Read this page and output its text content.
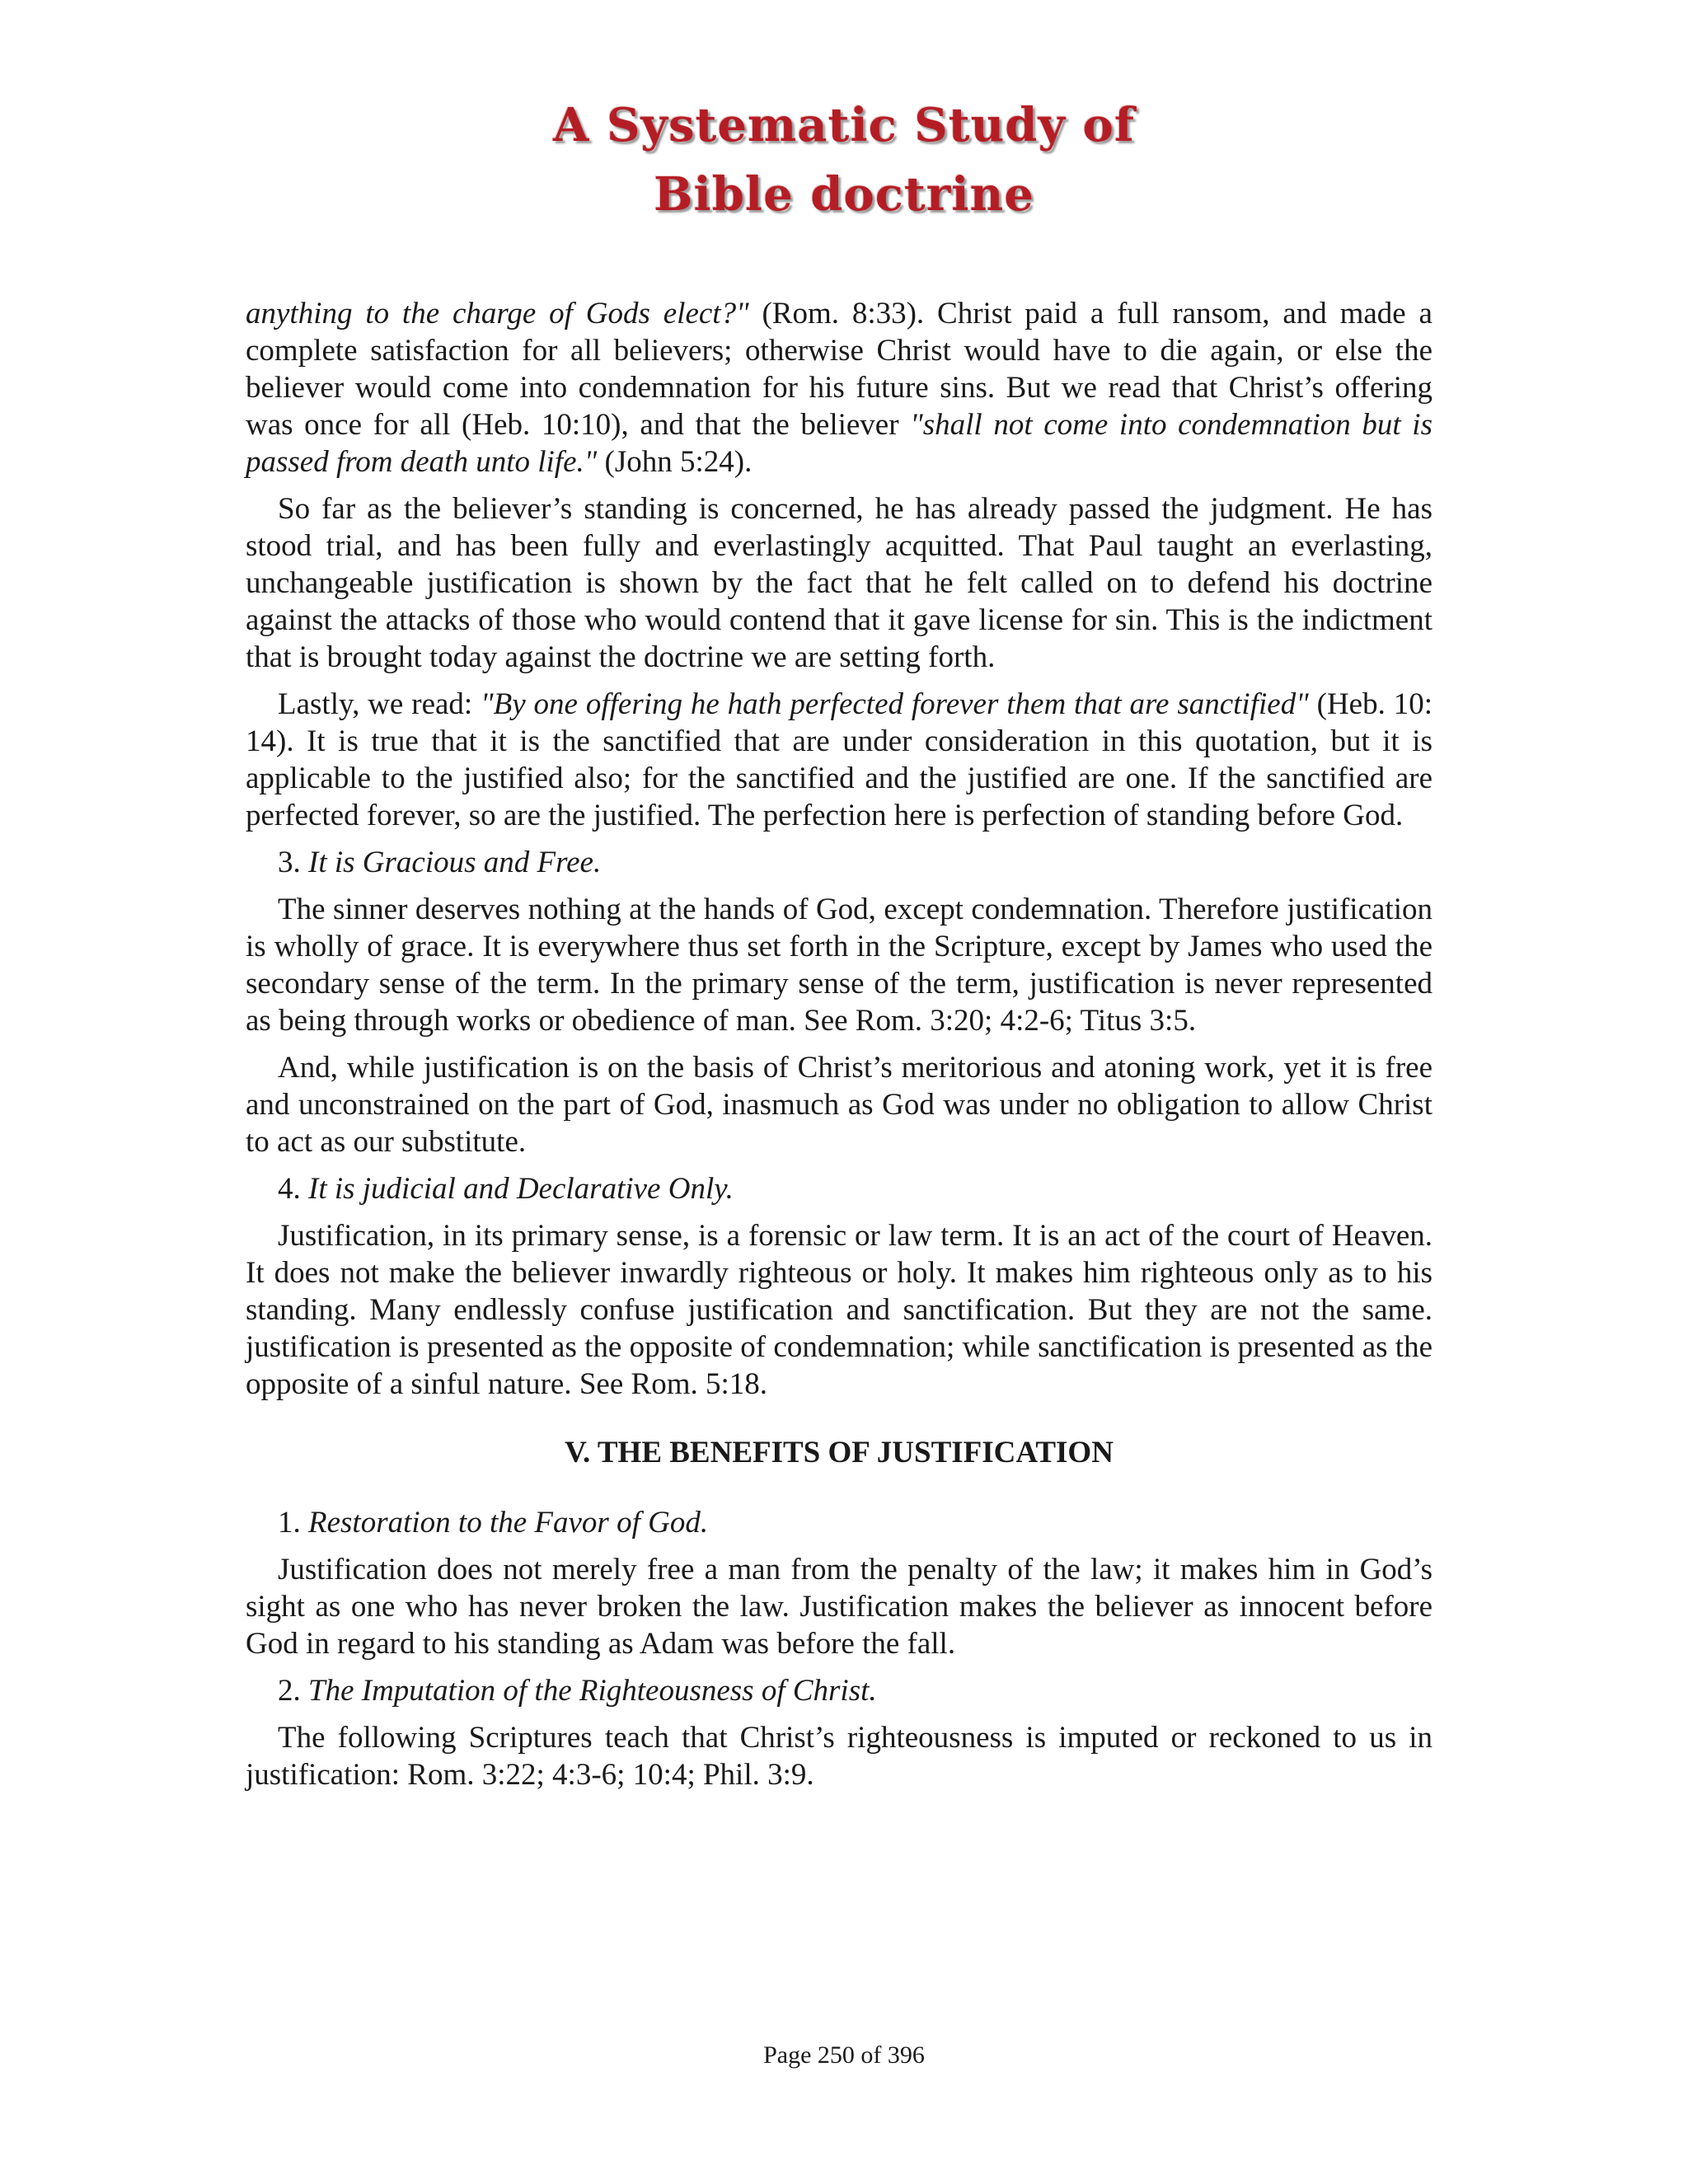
A Systematic Study of
Bible doctrine

anything to the charge of Gods elect?" (Rom. 8:33). Christ paid a full ransom, and made a complete satisfaction for all believers; otherwise Christ would have to die again, or else the believer would come into condemnation for his future sins. But we read that Christ’s offering was once for all (Heb. 10:10), and that the believer "shall not come into condemnation but is passed from death unto life." (John 5:24).

So far as the believer’s standing is concerned, he has already passed the judgment. He has stood trial, and has been fully and everlastingly acquitted. That Paul taught an everlasting, unchangeable justification is shown by the fact that he felt called on to defend his doctrine against the attacks of those who would contend that it gave license for sin. This is the indictment that is brought today against the doctrine we are setting forth.

Lastly, we read: "By one offering he hath perfected forever them that are sanctified" (Heb. 10: 14). It is true that it is the sanctified that are under consideration in this quotation, but it is applicable to the justified also; for the sanctified and the justified are one. If the sanctified are perfected forever, so are the justified. The perfection here is perfection of standing before God.

3. It is Gracious and Free.

The sinner deserves nothing at the hands of God, except condemnation. Therefore justification is wholly of grace. It is everywhere thus set forth in the Scripture, except by James who used the secondary sense of the term. In the primary sense of the term, justification is never represented as being through works or obedience of man. See Rom. 3:20; 4:2-6; Titus 3:5.

And, while justification is on the basis of Christ’s meritorious and atoning work, yet it is free and unconstrained on the part of God, inasmuch as God was under no obligation to allow Christ to act as our substitute.

4. It is judicial and Declarative Only.

Justification, in its primary sense, is a forensic or law term. It is an act of the court of Heaven. It does not make the believer inwardly righteous or holy. It makes him righteous only as to his standing. Many endlessly confuse justification and sanctification. But they are not the same. justification is presented as the opposite of condemnation; while sanctification is presented as the opposite of a sinful nature. See Rom. 5:18.

V. THE BENEFITS OF JUSTIFICATION

1. Restoration to the Favor of God.

Justification does not merely free a man from the penalty of the law; it makes him in God’s sight as one who has never broken the law. Justification makes the believer as innocent before God in regard to his standing as Adam was before the fall.

2. The Imputation of the Righteousness of Christ.

The following Scriptures teach that Christ’s righteousness is imputed or reckoned to us in justification: Rom. 3:22; 4:3-6; 10:4; Phil. 3:9.

Page 250 of 396
